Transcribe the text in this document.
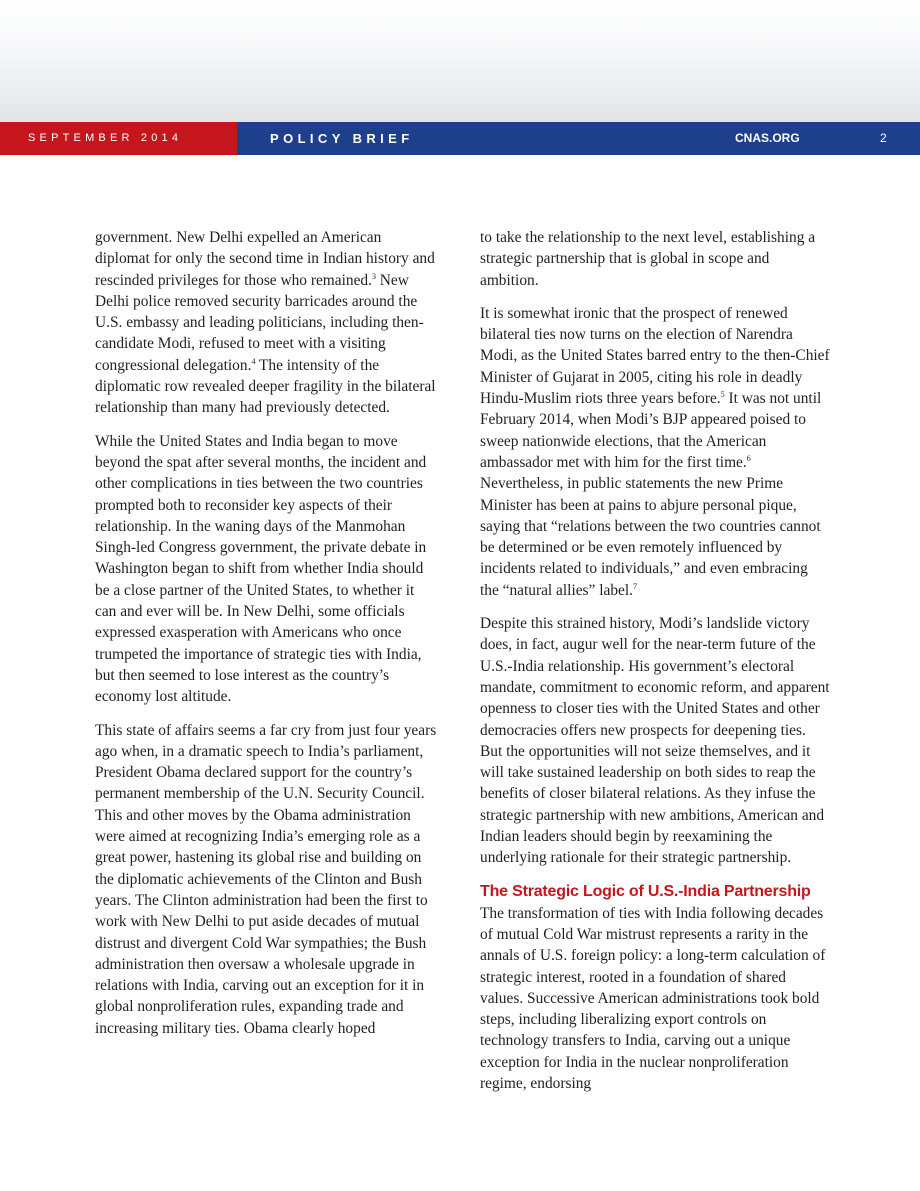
SEPTEMBER 2014	POLICY BRIEF	CNAS.ORG	2

government. New Delhi expelled an American diplomat for only the second time in Indian history and rescinded privileges for those who remained.$^3$ New Delhi police removed security barricades around the U.S. embassy and leading politicians, including then-candidate Modi, refused to meet with a visiting congressional delegation.$^4$ The intensity of the diplomatic row revealed deeper fragility in the bilateral relationship than many had previously detected.

While the United States and India began to move beyond the spat after several months, the incident and other complications in ties between the two countries prompted both to reconsider key aspects of their relationship. In the waning days of the Manmohan Singh-led Congress government, the private debate in Washington began to shift from whether India should be a close partner of the United States, to whether it can and ever will be. In New Delhi, some officials expressed exasperation with Americans who once trumpeted the importance of strategic ties with India, but then seemed to lose interest as the country’s economy lost altitude.

This state of affairs seems a far cry from just four years ago when, in a dramatic speech to India’s parliament, President Obama declared support for the country’s permanent membership of the U.N. Security Council. This and other moves by the Obama administration were aimed at recognizing India’s emerging role as a great power, hastening its global rise and building on the diplomatic achievements of the Clinton and Bush years. The Clinton administration had been the first to work with New Delhi to put aside decades of mutual distrust and divergent Cold War sympathies; the Bush administration then oversaw a wholesale upgrade in relations with India, carving out an exception for it in global nonproliferation rules, expanding trade and increasing military ties. Obama clearly hoped

to take the relationship to the next level, establishing a strategic partnership that is global in scope and ambition.

It is somewhat ironic that the prospect of renewed bilateral ties now turns on the election of Narendra Modi, as the United States barred entry to the then-Chief Minister of Gujarat in 2005, citing his role in deadly Hindu-Muslim riots three years before.$^5$ It was not until February 2014, when Modi’s BJP appeared poised to sweep nationwide elections, that the American ambassador met with him for the first time.$^6$ Nevertheless, in public statements the new Prime Minister has been at pains to abjure personal pique, saying that “relations between the two countries cannot be determined or be even remotely influenced by incidents related to individuals,” and even embracing the “natural allies” label.$^7$

Despite this strained history, Modi’s landslide victory does, in fact, augur well for the near-term future of the U.S.-India relationship. His government’s electoral mandate, commitment to economic reform, and apparent openness to closer ties with the United States and other democracies offers new prospects for deepening ties. But the opportunities will not seize themselves, and it will take sustained leadership on both sides to reap the benefits of closer bilateral relations. As they infuse the strategic partnership with new ambitions, American and Indian leaders should begin by reexamining the underlying rationale for their strategic partnership.

The Strategic Logic of U.S.-India Partnership

The transformation of ties with India following decades of mutual Cold War mistrust represents a rarity in the annals of U.S. foreign policy: a long-term calculation of strategic interest, rooted in a foundation of shared values. Successive American administrations took bold steps, including liberalizing export controls on technology transfers to India, carving out a unique exception for India in the nuclear nonproliferation regime, endorsing
